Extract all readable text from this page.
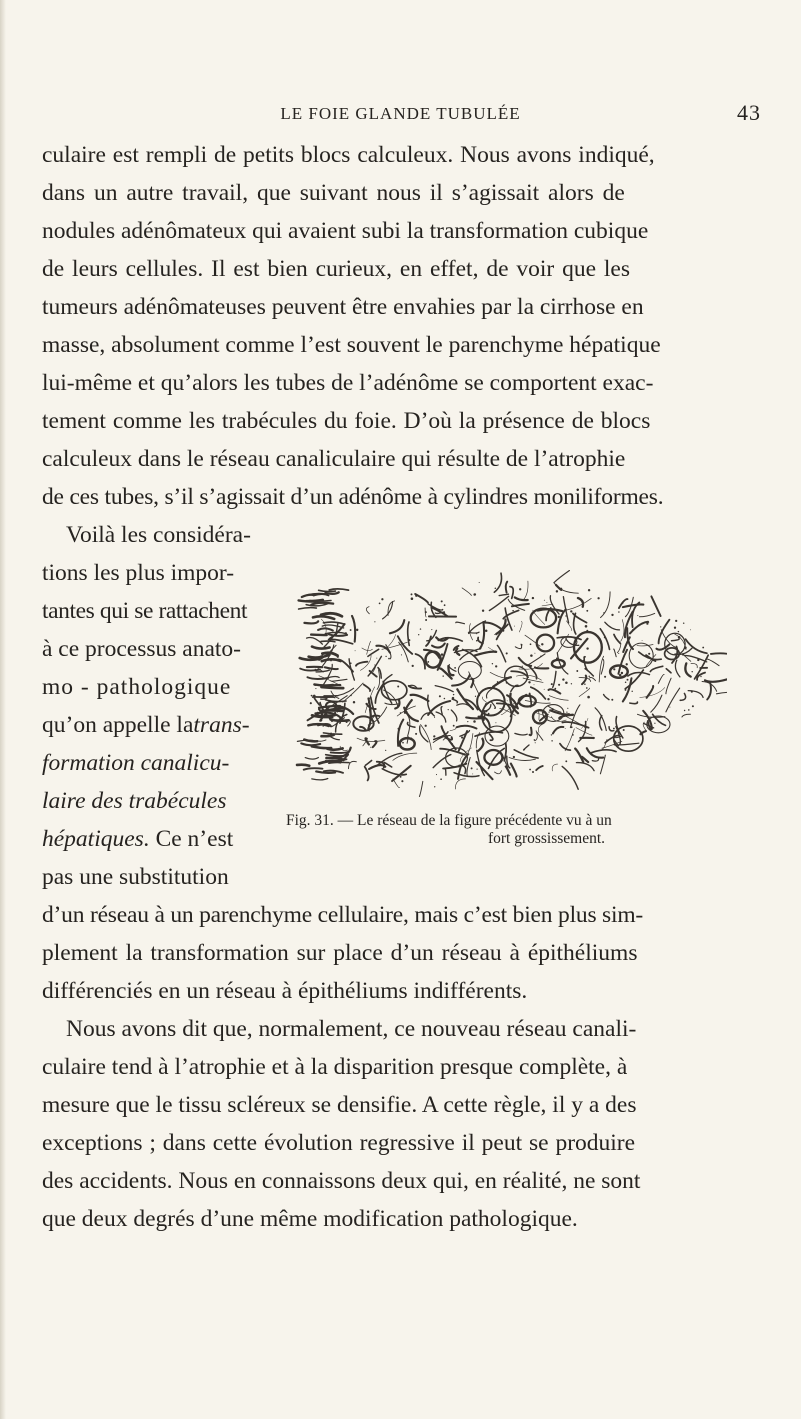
LE FOIE GLANDE TUBULÉE	43
culaire est rempli de petits blocs calculeux. Nous avons indiqué,
dans un autre travail, que suivant nous il s’agissait alors de
nodules adénômateux qui avaient subi la transformation cubique
de leurs cellules. Il est bien curieux, en effet, de voir que les
tumeurs adénômateuses peuvent être envahies par la cirrhose en
masse, absolument comme l’est souvent le parenchyme hépatique
lui-même et qu’alors les tubes de l’adénôme se comportent exac-
tement comme les trabécules du foie. D’où la présence de blocs
calculeux dans le réseau canaliculaire qui résulte de l’atrophie
de ces tubes, s’il s’agissait d’un adénôme à cylindres moniliformes.
Voilà les considéra-
tions les plus impor-
tantes qui se rattachent
à ce processus anato-
mo - pathologique
qu’on appelle latrans-
formation canalicu-
laire des trabécules
hépatiques. Ce n’est
pas une substitution
d’un réseau à un parenchyme cellulaire, mais c’est bien plus sim-
plement la transformation sur place d’un réseau à épithéliums
différenciés en un réseau à épithéliums indifférents.
Nous avons dit que, normalement, ce nouveau réseau canali-
culaire tend à l’atrophie et à la disparition presque complète, à
mesure que le tissu scléreux se densifie. A cette règle, il y a des
exceptions ; dans cette évolution regressive il peut se produire
des accidents. Nous en connaissons deux qui, en réalité, ne sont
que deux degrés d’une même modification pathologique.
Fig. 31. — Le réseau de la figure précédente vu à un
fort grossissement.
